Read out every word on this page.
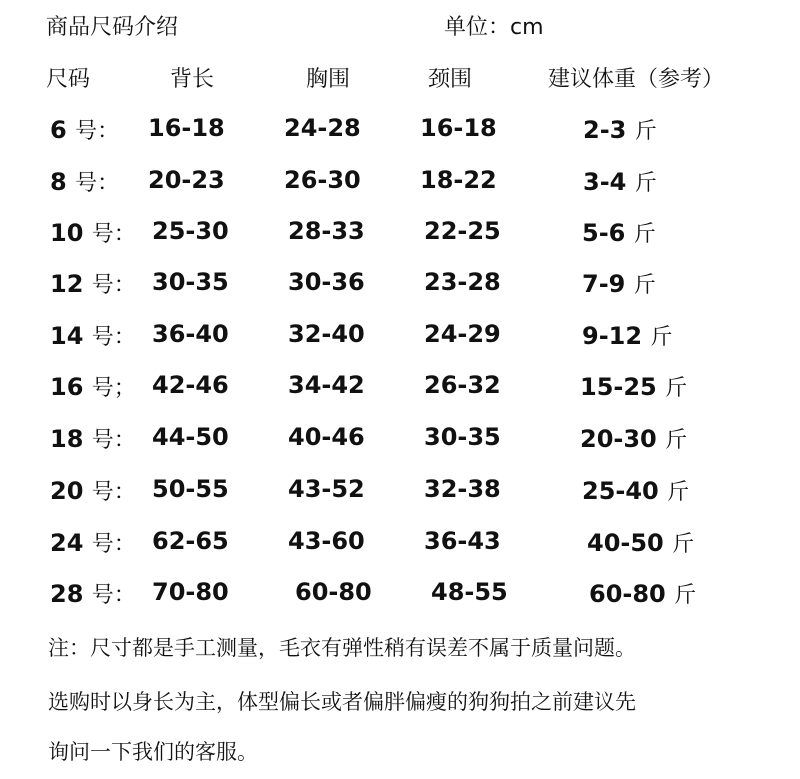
商品尺码介绍	单位：cm
尺码	背长	胸围	颈围	建议体重（参考）
6 号： 16-18 24-28 16-18	2-3 斤
8 号： 20-23 26-30 18-22	3-4 斤
10 号： 25-30 28-33 22-25	5-6 斤
12 号： 30-35 30-36 23-28	7-9 斤
14 号： 36-40 32-40 24-29	9-12 斤
16 号； 42-46 34-42 26-32	15-25 斤
18 号： 44-50 40-46 30-35	20-30 斤
20 号： 50-55 43-52 32-38	25-40 斤
24 号： 62-65 43-60 36-43	40-50 斤
28 号： 70-80	60-80 48-55	60-80 斤
注：尺寸都是手工测量，毛衣有弹性稍有误差不属于质量问题。
选购时以身长为主，体型偏长或者偏胖偏瘦的狗狗拍之前建议先
询问一下我们的客服。
